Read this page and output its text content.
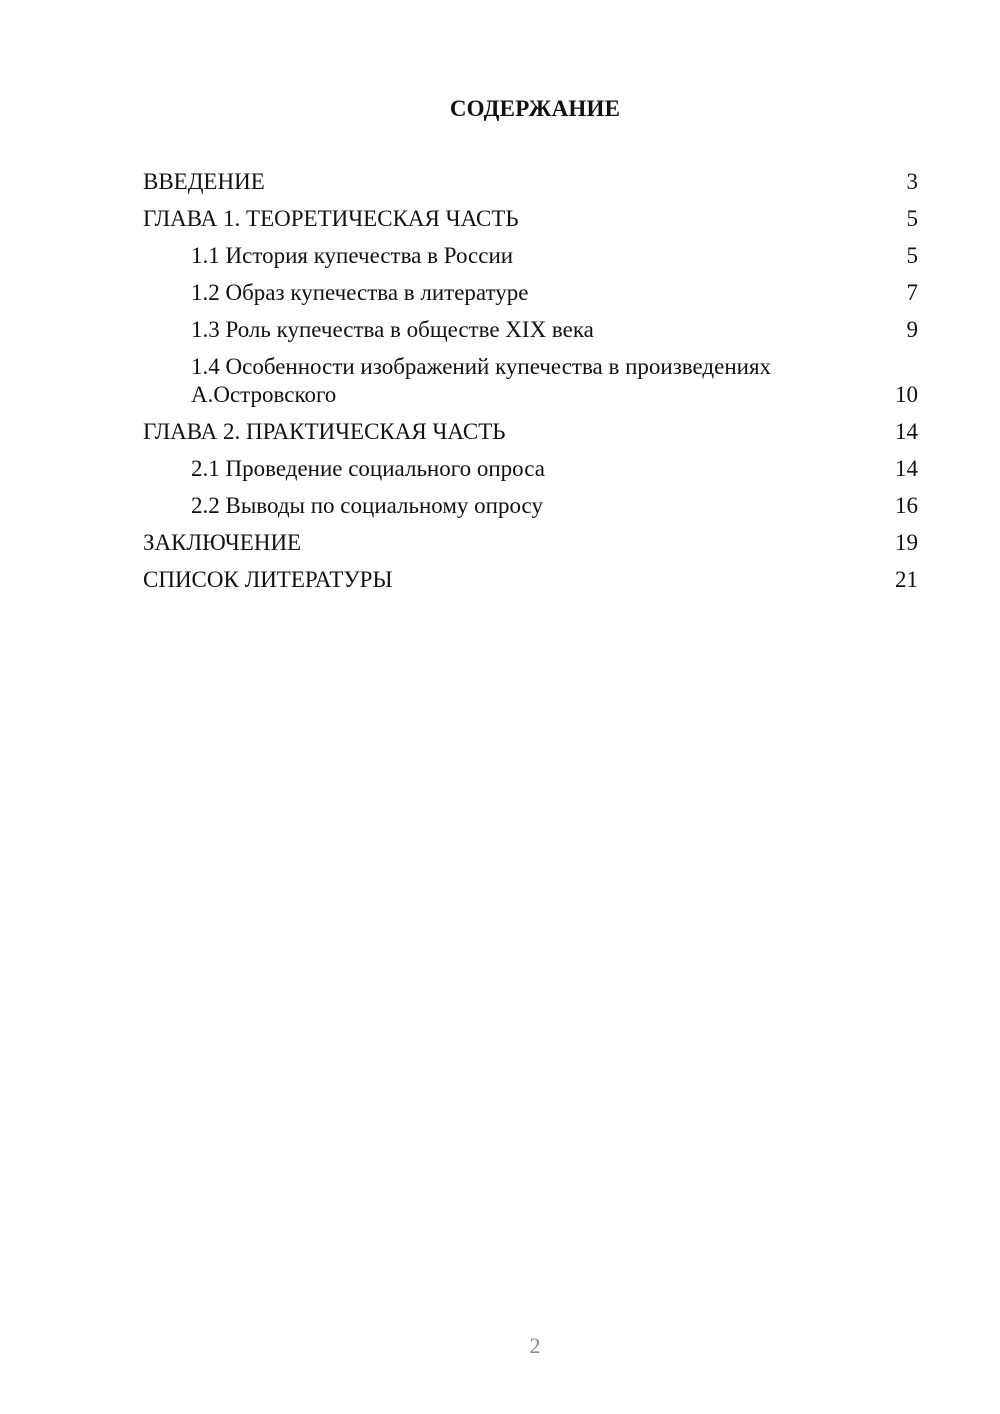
СОДЕРЖАНИЕ
ВВЕДЕНИЕ	3
ГЛАВА 1. ТЕОРЕТИЧЕСКАЯ ЧАСТЬ	5
1.1 История купечества в России	5
1.2 Образ купечества в литературе	7
1.3 Роль купечества в обществе XIX века	9
1.4 Особенности изображений купечества в произведениях А.Островского	10
ГЛАВА 2. ПРАКТИЧЕСКАЯ ЧАСТЬ	14
2.1 Проведение социального опроса	14
2.2 Выводы по социальному опросу	16
ЗАКЛЮЧЕНИЕ	19
СПИСОК ЛИТЕРАТУРЫ	21
2
